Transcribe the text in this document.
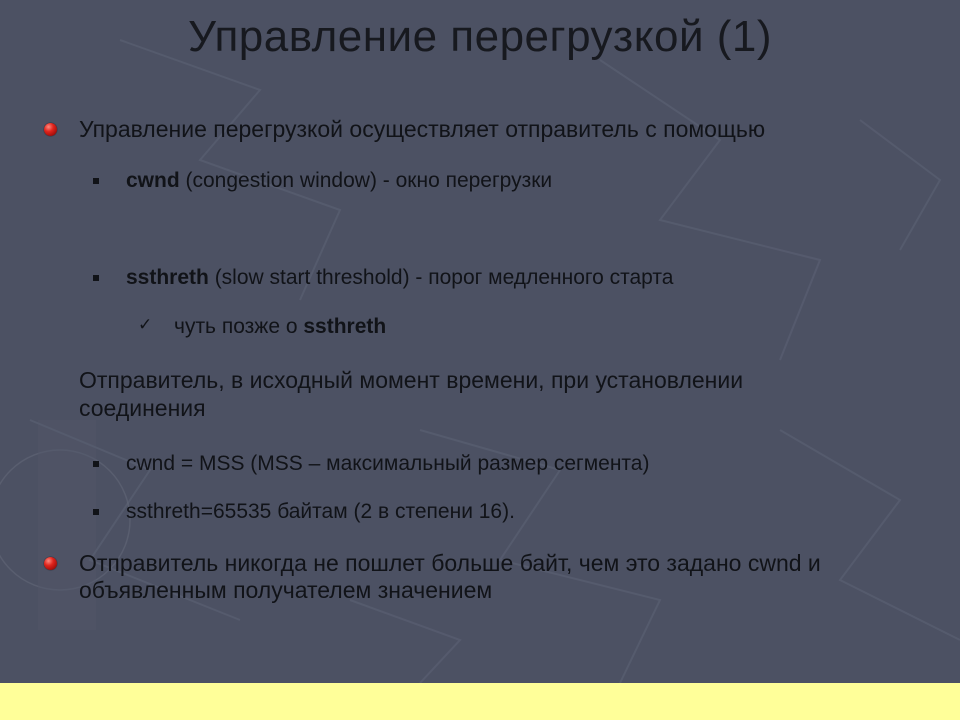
Управление перегрузкой (1)
Управление перегрузкой осуществляет отправитель с помощью
cwnd (congestion window) - окно перегрузки
ssthreth (slow start threshold) - порог медленного старта
✓ чуть позже о ssthreth
Отправитель, в исходный момент времени, при установлении
соединения
cwnd = MSS (MSS – максимальный размер сегмента)
ssthreth=65535 байтам (2 в степени 16).
Отправитель никогда не пошлет больше байт, чем это задано cwnd и
объявленным получателем значением
